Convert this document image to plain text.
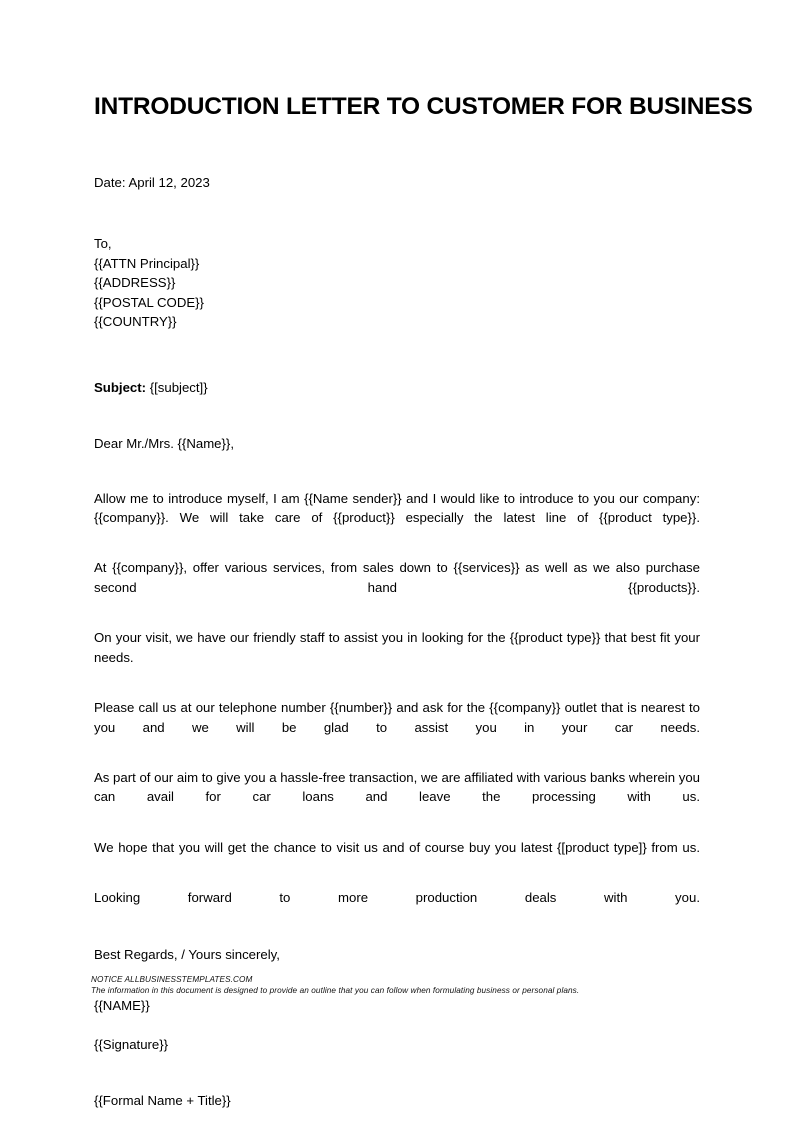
INTRODUCTION LETTER TO CUSTOMER FOR BUSINESS

Date: April 12, 2023

To,
{{ATTN Principal}}
{{ADDRESS}}
{{POSTAL CODE}}
{{COUNTRY}}

Subject: {[subject]}

Dear Mr./Mrs. {{Name}},

Allow me to introduce myself, I am {{Name sender}} and I would like to introduce to you our company: {{company}}. We will take care of {{product}} especially the latest line of {{product type}}.

At {{company}}, offer various services, from sales down to {{services}} as well as we also purchase second hand {{products}}.

On your visit, we have our friendly staff to assist you in looking for the {{product type}} that best fit your needs.

Please call us at our telephone number {{number}} and ask for the {{company}} outlet that is nearest to you and we will be glad to assist you in your car needs.

As part of our aim to give you a hassle-free transaction, we are affiliated with various banks wherein you can avail for car loans and leave the processing with us.

We hope that you will get the chance to visit us and of course buy you latest {[product type]} from us.

Looking forward to more production deals with you.

Best Regards, / Yours sincerely,

{{NAME}}

{{Signature}}

{{Formal Name + Title}}

NOTICE ALLBUSINESSTEMPLATES.COM
The information in this document is designed to provide an outline that you can follow when formulating business or personal plans.
